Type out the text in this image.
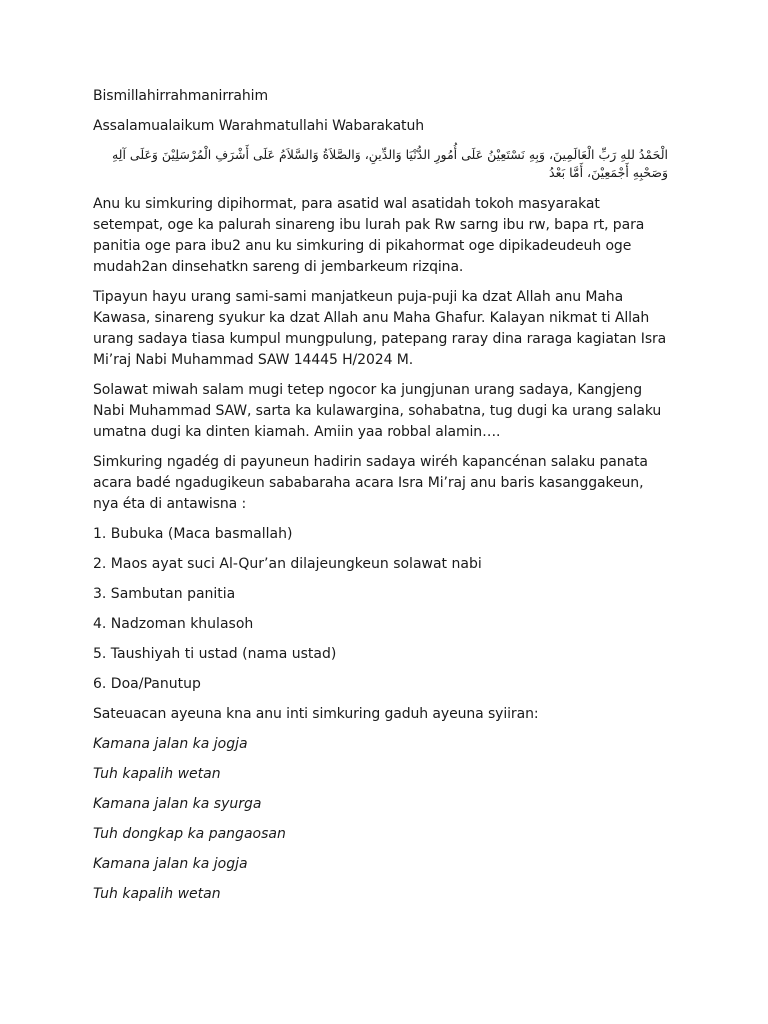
Bismillahirrahmanirrahim

Assalamualaikum Warahmatullahi Wabarakatuh

الْحَمْدُ للهِ رَبِّ الْعَالَمِينَ، وَبِهِ نَسْتَعِيْنُ عَلَى أُمُورِ الدُّنْيَا وَالدِّينِ، وَالصَّلاَةُ وَالسَّلاَمُ عَلَى أَشْرَفِ الْمُرْسَلِيْنَ وَعَلَى آلِهِ وَصَحْبِهِ أَجْمَعِيْنَ، أَمَّا بَعْدُ

Anu ku simkuring dipihormat, para asatid wal asatidah tokoh masyarakat setempat, oge ka palurah sinareng ibu lurah pak Rw sarng ibu rw, bapa rt, para panitia oge para ibu2 anu ku simkuring di pikahormat oge dipikadeudeuh oge mudah2an dinsehatkn sareng di jembarkeum rizqina.

Tipayun hayu urang sami-sami manjatkeun puja-puji ka dzat Allah anu Maha Kawasa, sinareng syukur ka dzat Allah anu Maha Ghafur. Kalayan nikmat ti Allah urang sadaya tiasa kumpul mungpulung, patepang raray dina raraga kagiatan Isra Mi’raj Nabi Muhammad SAW 14445 H/2024 M.

Solawat miwah salam mugi tetep ngocor ka jungjunan urang sadaya, Kangjeng Nabi Muhammad SAW, sarta ka kulawargina, sohabatna, tug dugi ka urang salaku umatna dugi ka dinten kiamah. Amiin yaa robbal alamin….

Simkuring ngadég di payuneun hadirin sadaya wiréh kapancénan salaku panata acara badé ngadugikeun sababaraha acara Isra Mi’raj anu baris kasanggakeun, nya éta di antawisna :

1. Bubuka (Maca basmallah)

2. Maos ayat suci Al-Qur’an dilajeungkeun solawat nabi

3. Sambutan panitia

4. Nadzoman khulasoh

5. Taushiyah ti ustad (nama ustad)

6. Doa/Panutup

Sateuacan ayeuna kna anu inti simkuring gaduh ayeuna syiiran:

Kamana jalan ka jogja

Tuh kapalih wetan

Kamana jalan ka syurga

Tuh dongkap ka pangaosan

Kamana jalan ka jogja

Tuh kapalih wetan
